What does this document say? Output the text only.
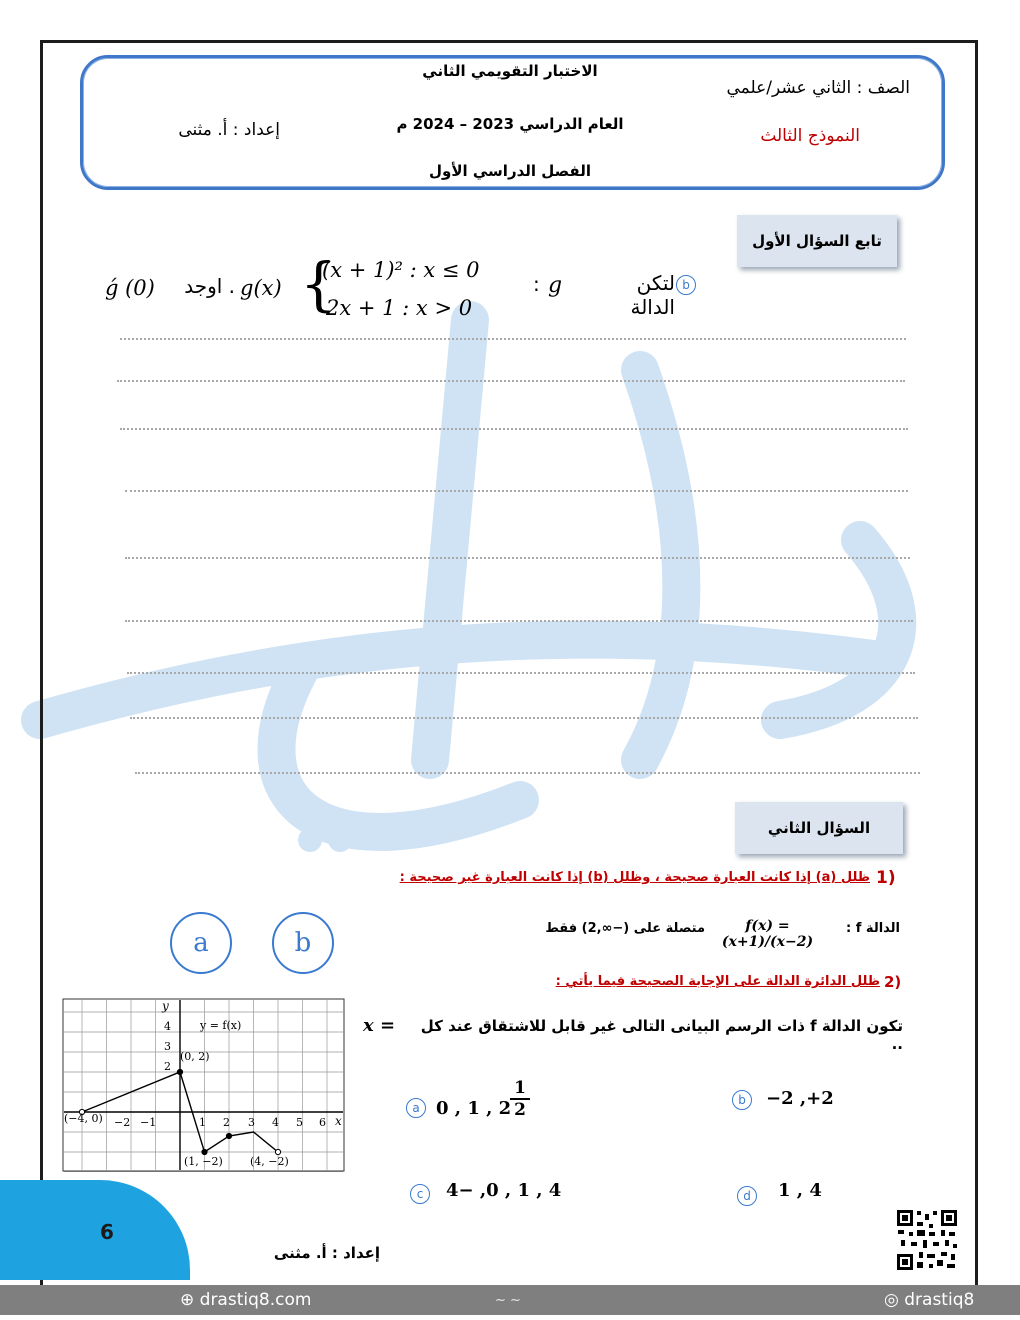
الاختبار التقويمي الثاني
العام الدراسي 2023 – 2024 م
الفصل الدراسي الأول
الصف : الثاني عشر/علمي
النموذج الثالث
إعداد : أ. مثنى
تابع السؤال الأول
b
لتكن الدالة
g
:
{
(x + 1)² : x ≤ 0
2x + 1 : x > 0
g(x)
. اوجد
ǵ (0)
السؤال الثاني
1)
ظلل (a) إذا كانت العبارة صحيحة ، وظلل (b) إذا كانت العبارة غير صحيحة :
a	b	الدالة f :
f(x) = (x+1)/(x−2)
متصلة على (−∞,2) فقط
2)
ظلل الدائرة الدالة على الإجابة الصحيحة فيما يأتي :
تكون الدالة f ذات الرسم البيانى التالى غير قابل للاشتقاق عند كل ..
x =
y
x
y = f(x)
4
3
2
−2 −1	1 2 3 4 5 6
(−4, 0)
(0, 2)
(1, −2) (4, −2)
a 0 , 1 , 2
$\frac{1}{2}$	b	−2 ,+2
c	4− ,0 , 1 , 4	d	1 , 4
6
إعداد : أ. مثنى
⊕ drastiq8.com	~ ~	◎ drastiq8
